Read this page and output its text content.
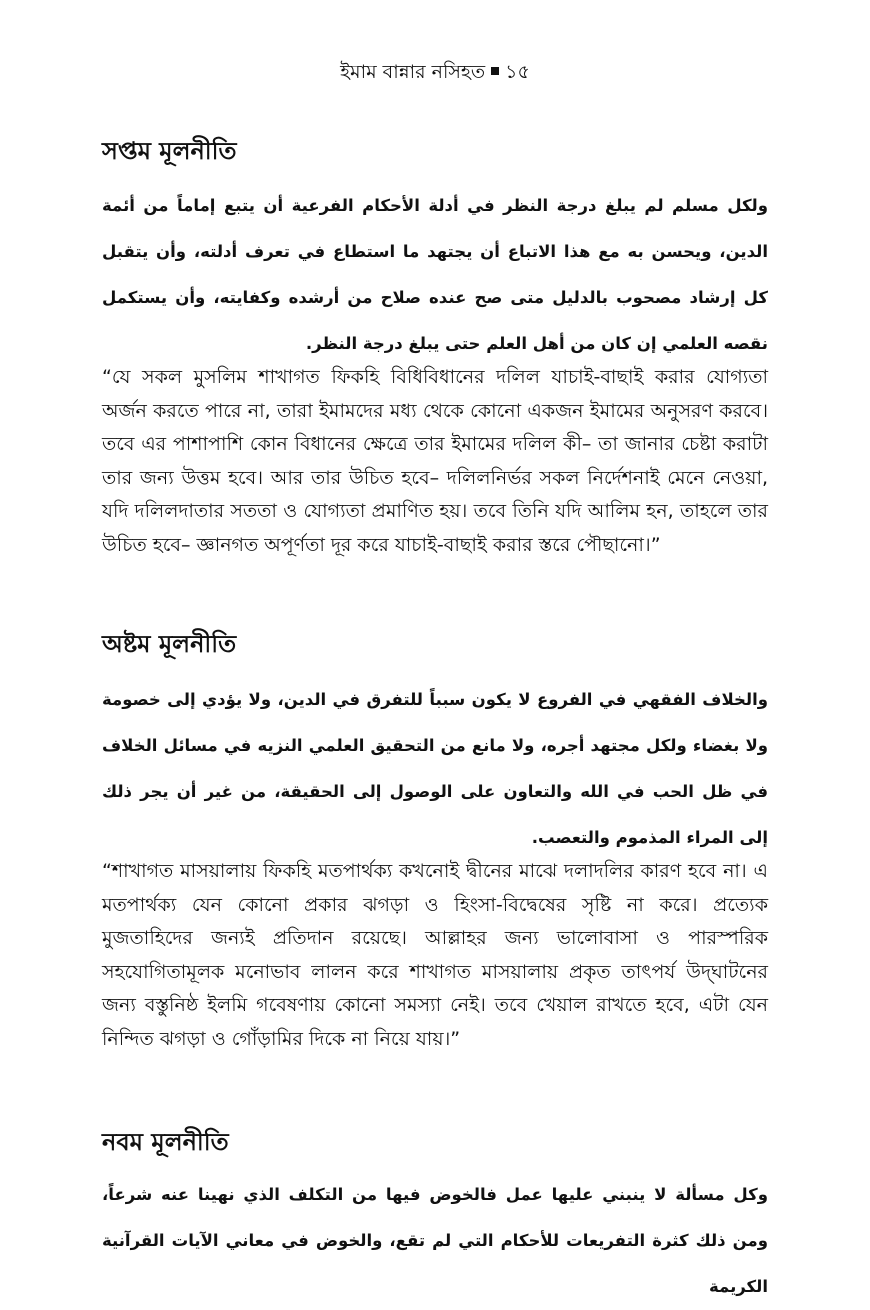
ইমাম বান্নার নসিহত ১৫
সপ্তম মূলনীতি

ولكل مسلم لم يبلغ درجة النظر في أدلة الأحكام الفرعية أن يتبع إماماً من أئمة الدين، ويحسن به مع هذا الاتباع أن يجتهد ما استطاع في تعرف أدلته، وأن يتقبل كل إرشاد مصحوب بالدليل متى صح عنده صلاح من أرشده وكفايته، وأن يستكمل نقصه العلمي إن كان من أهل العلم حتى يبلغ درجة النظر.

“যে সকল মুসলিম শাখাগত ফিকহি বিধিবিধানের দলিল যাচাই-বাছাই করার যোগ্যতা অর্জন করতে পারে না, তারা ইমামদের মধ্য থেকে কোনো একজন ইমামের অনুসরণ করবে। তবে এর পাশাপাশি কোন বিধানের ক্ষেত্রে তার ইমামের দলিল কী– তা জানার চেষ্টা করাটা তার জন্য উত্তম হবে। আর তার উচিত হবে– দলিলনির্ভর সকল নির্দেশনাই মেনে নেওয়া, যদি দলিলদাতার সততা ও যোগ্যতা প্রমাণিত হয়। তবে তিনি যদি আলিম হন, তাহলে তার উচিত হবে– জ্ঞানগত অপূর্ণতা দূর করে যাচাই-বাছাই করার স্তরে পৌছানো।”

অষ্টম মূলনীতি

والخلاف الفقهي في الفروع لا يكون سبباً للتفرق في الدين، ولا يؤدي إلى خصومة ولا بغضاء ولكل مجتهد أجره، ولا مانع من التحقيق العلمي النزيه في مسائل الخلاف في ظل الحب في الله والتعاون على الوصول إلى الحقيقة، من غير أن يجر ذلك إلى المراء المذموم والتعصب.

“শাখাগত মাসয়ালায় ফিকহি মতপার্থক্য কখনোই দ্বীনের মাঝে দলাদলির কারণ হবে না। এ মতপার্থক্য যেন কোনো প্রকার ঝগড়া ও হিংসা-বিদ্বেষের সৃষ্টি না করে। প্রত্যেক মুজতাহিদের জন্যই প্রতিদান রয়েছে। আল্লাহর জন্য ভালোবাসা ও পারস্পরিক সহযোগিতামূলক মনোভাব লালন করে শাখাগত মাসয়ালায় প্রকৃত তাৎপর্য উদ্‌ঘাটনের জন্য বস্তুনিষ্ঠ ইলমি গবেষণায় কোনো সমস্যা নেই। তবে খেয়াল রাখতে হবে, এটা যেন নিন্দিত ঝগড়া ও গোঁড়ামির দিকে না নিয়ে যায়।”

নবম মূলনীতি

وكل مسألة لا ينبني عليها عمل فالخوض فيها من التكلف الذي نهينا عنه شرعاً، ومن ذلك كثرة التفريعات للأحكام التي لم تقع، والخوض في معاني الآيات القرآنية الكريمة
